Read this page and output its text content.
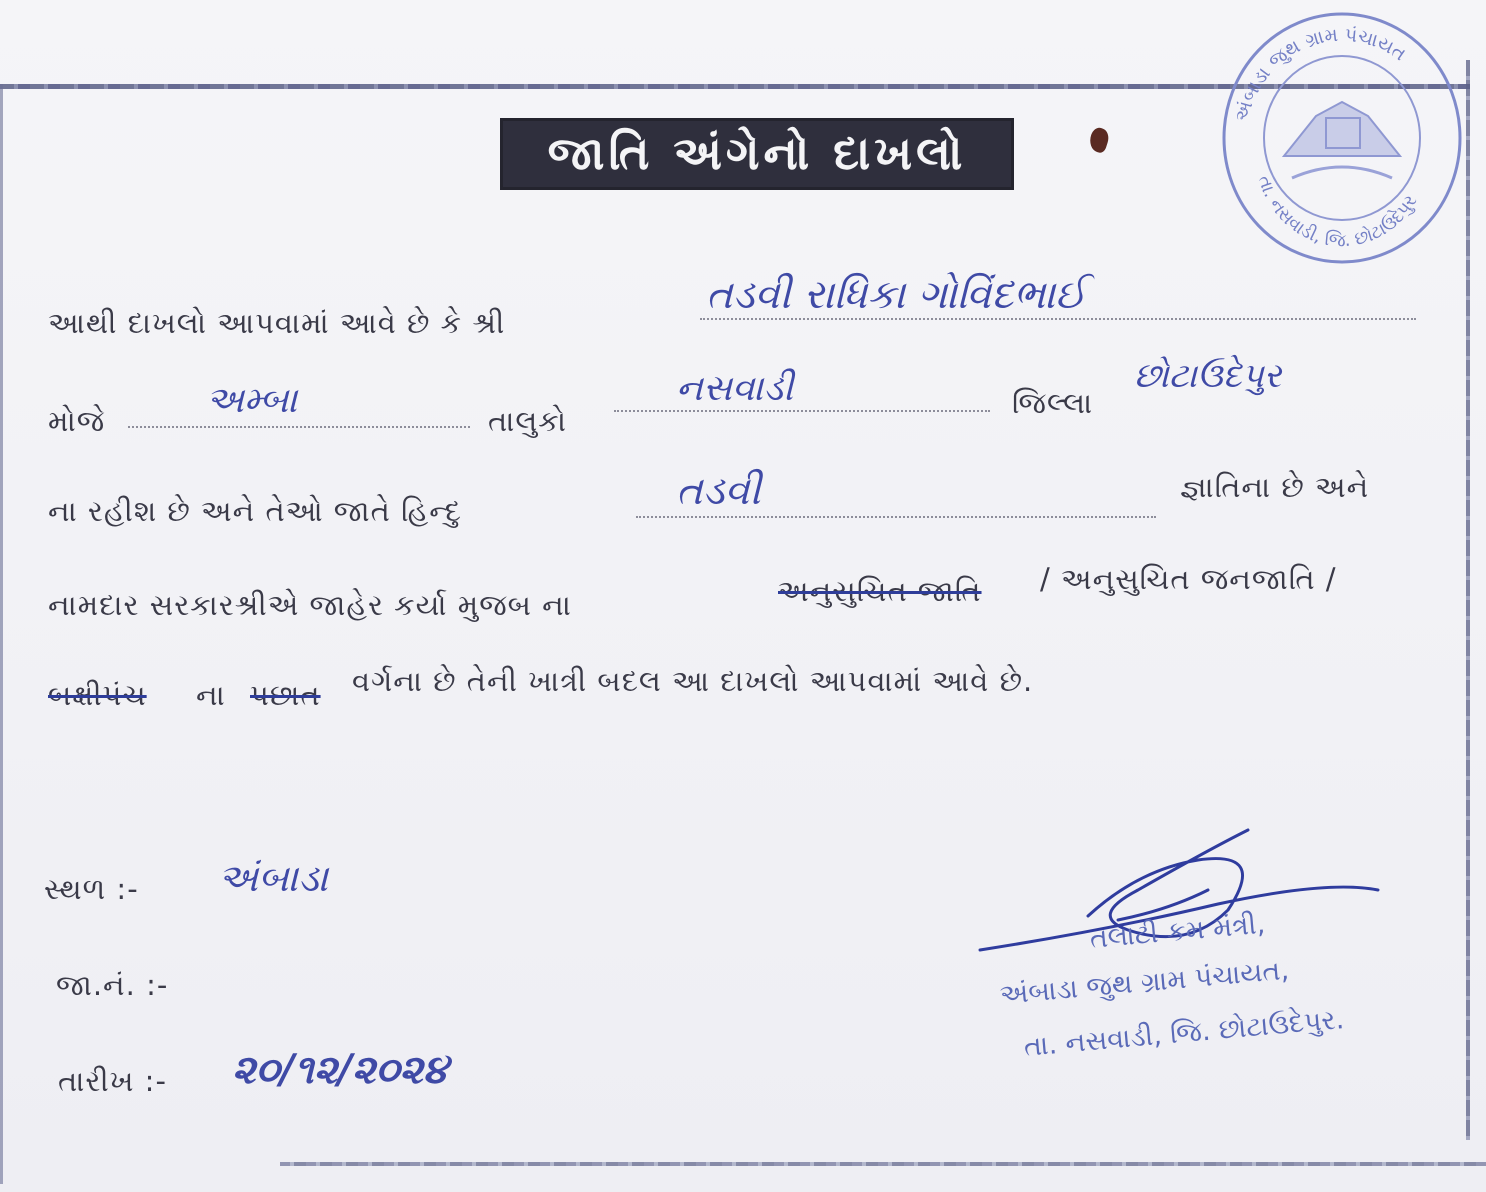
અંબાડા જુથ ગ્રામ પંચાયત
તા. નસવાડી, જિ. છોટાઉદેપુર
જાતિ અંગેનો દાખલો
આથી દાખલો આપવામાં આવે છે કે શ્રી
તડવી રાધિકા ગોવિંદભાઈ
મોજે	અમ્બા	તાલુકો
નસવાડી	જિલ્લા
છોટાઉદેપુર
ના રહીશ છે અને તેઓ જાતે હિન્દુ	તડવી	જ્ઞાતિના છે અને
નામદાર સરકારશ્રીએ જાહેર કર્યા મુજબ ના	અનુસુચિત જાતિ / અનુસુચિત જનજાતિ /
બક્ષીપંચ ના પછાત વર્ગના છે તેની ખાત્રી બદલ આ દાખલો આપવામાં આવે છે.
સ્થળ :- અંબાડા
જા.નં. :-
તારીખ :- ૨૦/૧૨/૨૦૨૪
તલાટી કમ મંત્રી,
અંબાડા જુથ ગ્રામ પંચાયત,
તા. નસવાડી, જિ. છોટાઉદેપુર.
